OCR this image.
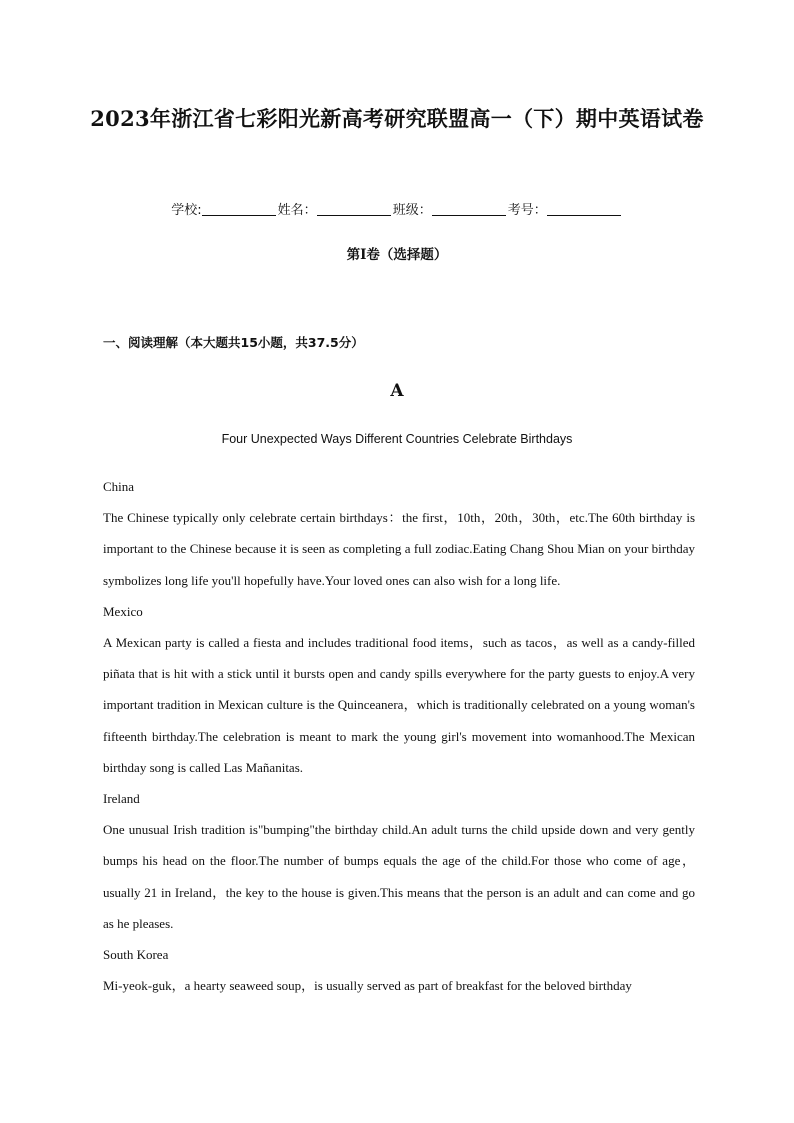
2023年浙江省七彩阳光新高考研究联盟高一（下）期中英语试卷
学校:	姓名：	班级：	考号：
第I卷（选择题）
一、阅读理解（本大题共15小题，共37.5分）
A
Four Unexpected Ways Different Countries Celebrate Birthdays

China

The Chinese typically only celebrate certain birthdays：the first，10th，20th，30th，etc.The 60th birthday is important to the Chinese because it is seen as completing a full zodiac.Eating Chang Shou Mian on your birthday symbolizes long life you'll hopefully have.Your loved ones can also wish for a long life.

Mexico

A Mexican party is called a fiesta and includes traditional food items，such as tacos，as well as a candy-filled piñata that is hit with a stick until it bursts open and candy spills everywhere for the party guests to enjoy.A very important tradition in Mexican culture is the Quinceanera，which is traditionally celebrated on a young woman's fifteenth birthday.The celebration is meant to mark the young girl's movement into womanhood.The Mexican birthday song is called Las Mañanitas.

Ireland

One unusual Irish tradition is"bumping"the birthday child.An adult turns the child upside down and very gently bumps his head on the floor.The number of bumps equals the age of the child.For those who come of age，usually 21 in Ireland，the key to the house is given.This means that the person is an adult and can come and go as he pleases.

South Korea

Mi-yeok-guk，a hearty seaweed soup，is usually served as part of breakfast for the beloved birthday
